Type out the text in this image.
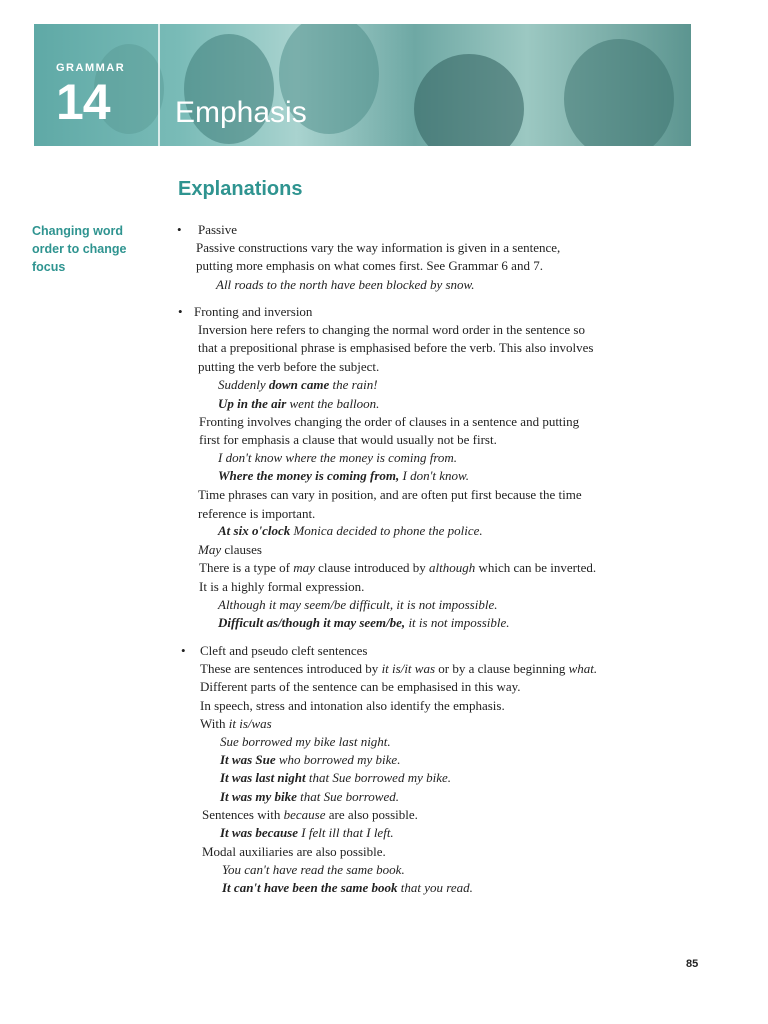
GRAMMAR
14 Emphasis
Explanations
Changing word order to change focus
• Passive
Passive constructions vary the way information is given in a sentence,
putting more emphasis on what comes first. See Grammar 6 and 7.
All roads to the north have been blocked by snow.
• Fronting and inversion
Inversion here refers to changing the normal word order in the sentence so
that a prepositional phrase is emphasised before the verb. This also involves
putting the verb before the subject.
Suddenly down came the rain!
Up in the air went the balloon.
Fronting involves changing the order of clauses in a sentence and putting
first for emphasis a clause that would usually not be first.
I don't know where the money is coming from.
Where the money is coming from, I don't know.
Time phrases can vary in position, and are often put first because the time
reference is important.
At six o'clock Monica decided to phone the police.
May clauses
There is a type of may clause introduced by although which can be inverted.
It is a highly formal expression.
Although it may seem/be difficult, it is not impossible.
Difficult as/though it may seem/be, it is not impossible.
• Cleft and pseudo cleft sentences
These are sentences introduced by it is/it was or by a clause beginning what.
Different parts of the sentence can be emphasised in this way.
In speech, stress and intonation also identify the emphasis.
With it is/was
Sue borrowed my bike last night.
It was Sue who borrowed my bike.
It was last night that Sue borrowed my bike.
It was my bike that Sue borrowed.
Sentences with because are also possible.
It was because I felt ill that I left.
Modal auxiliaries are also possible.
You can't have read the same book.
It can't have been the same book that you read.
85
